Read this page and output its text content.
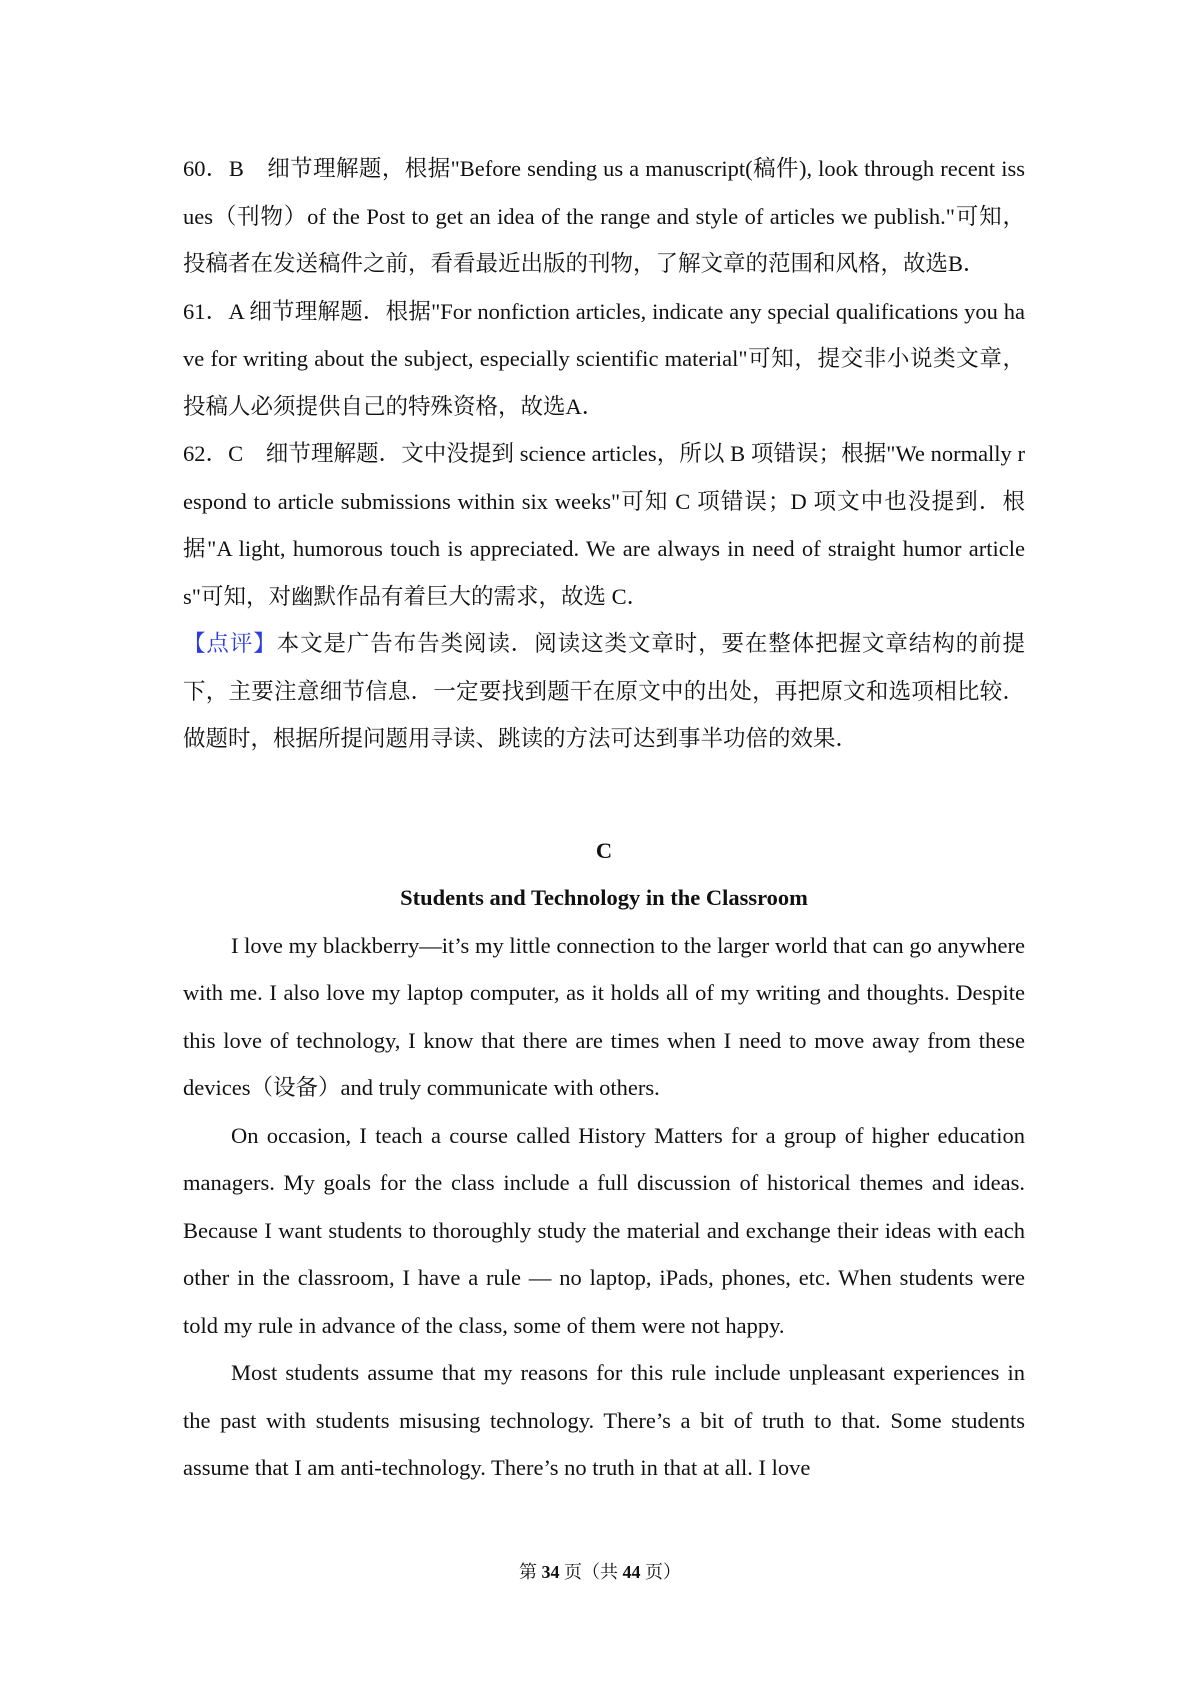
60．B　细节理解题，根据"Before sending us a manuscript(稿件), look through recent issues（刊物）of the Post to get an idea of the range and style of articles we publish."可知，投稿者在发送稿件之前，看看最近出版的刊物，了解文章的范围和风格，故选B．

61．A 细节理解题．根据"For nonfiction articles, indicate any special qualifications you have for writing about the subject, especially scientific material"可知，提交非小说类文章，投稿人必须提供自己的特殊资格，故选A．

62．C　细节理解题．文中没提到 science articles，所以 B 项错误；根据"We normally respond to article submissions within six weeks"可知 C 项错误；D 项文中也没提到．根据"A light, humorous touch is appreciated. We are always in need of straight humor articles"可知，对幽默作品有着巨大的需求，故选 C．

【点评】本文是广告布告类阅读．阅读这类文章时，要在整体把握文章结构的前提下，主要注意细节信息．一定要找到题干在原文中的出处，再把原文和选项相比较．做题时，根据所提问题用寻读、跳读的方法可达到事半功倍的效果．

C

Students and Technology in the Classroom

I love my blackberry—it’s my little connection to the larger world that can go anywhere with me. I also love my laptop computer, as it holds all of my writing and thoughts. Despite this love of technology, I know that there are times when I need to move away from these devices（设备）and truly communicate with others.

On occasion, I teach a course called History Matters for a group of higher education managers. My goals for the class include a full discussion of historical themes and ideas. Because I want students to thoroughly study the material and exchange their ideas with each other in the classroom, I have a rule — no laptop, iPads, phones, etc. When students were told my rule in advance of the class, some of them were not happy.

Most students assume that my reasons for this rule include unpleasant experiences in the past with students misusing technology. There’s a bit of truth to that. Some students assume that I am anti-technology. There’s no truth in that at all. I love

第 34 页（共 44 页）
